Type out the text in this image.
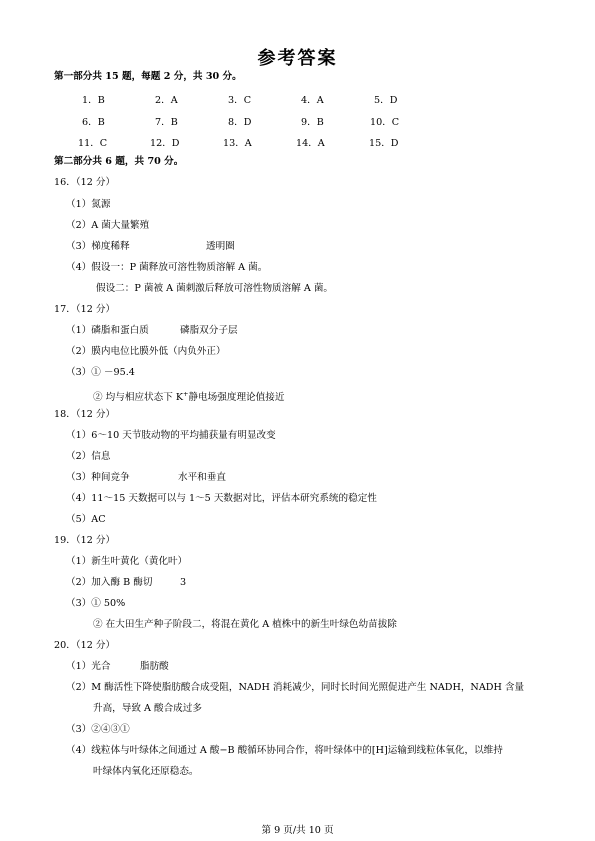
参考答案
第一部分共 15 题，每题 2 分，共 30 分。
1．B	2．A	3．C	4．A	5．D
6．B	7．B	8．D	9．B	10．C
11．C	12．D	13．A	14．A	15．D
第二部分共 6 题，共 70 分。
16．（12 分）
（1）氮源
（2）A 菌大量繁殖
（3）梯度稀释	透明圈
（4）假设一：P 菌释放可溶性物质溶解 A 菌。
假设二：P 菌被 A 菌刺激后释放可溶性物质溶解 A 菌。
17．（12 分）
（1）磷脂和蛋白质	磷脂双分子层
（2）膜内电位比膜外低（内负外正）
（3）① －95.4
② 均与相应状态下 K+静电场强度理论值接近
18．（12 分）
（1）6～10 天节肢动物的平均捕获量有明显改变
（2）信息
（3）种间竞争	水平和垂直
（4）11～15 天数据可以与 1～5 天数据对比，评估本研究系统的稳定性
（5）AC
19．（12 分）
（1）新生叶黄化（黄化叶）
（2）加入酶 B 酶切	3
（3）① 50%
② 在大田生产种子阶段二，将混在黄化 A 植株中的新生叶绿色幼苗拔除
20．（12 分）
（1）光合	脂肪酸
（2）M 酶活性下降使脂肪酸合成受阻，NADH 消耗减少，同时长时间光照促进产生 NADH，NADH 含量
升高，导致 A 酸合成过多
（3）②④③①
（4）线粒体与叶绿体之间通过 A 酸−B 酸循环协同合作，将叶绿体中的[H]运输到线粒体氧化，以维持
叶绿体内氧化还原稳态。
第 9 页/共 10 页
